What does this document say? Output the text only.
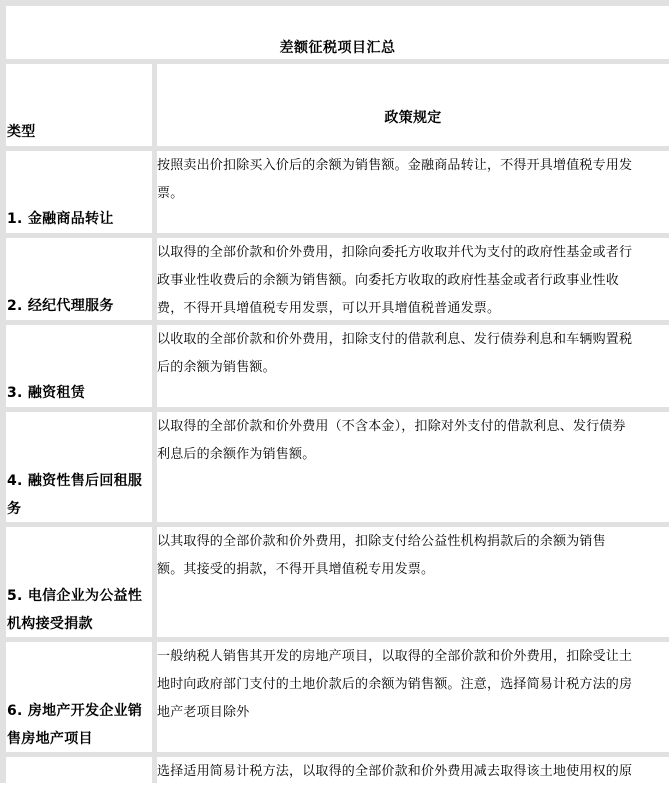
差额征税项目汇总
类型
政策规定
1. 金融商品转让
按照卖出价扣除买入价后的余额为销售额。金融商品转让，不得开具增值税专用发
票。
2. 经纪代理服务
以取得的全部价款和价外费用，扣除向委托方收取并代为支付的政府性基金或者行
政事业性收费后的余额为销售额。向委托方收取的政府性基金或者行政事业性收
费，不得开具增值税专用发票，可以开具增值税普通发票。
3. 融资租赁
以收取的全部价款和价外费用，扣除支付的借款利息、发行债券利息和车辆购置税
后的余额为销售额。
4. 融资性售后回租服
务
以取得的全部价款和价外费用（不含本金），扣除对外支付的借款利息、发行债券
利息后的余额作为销售额。
5. 电信企业为公益性
机构接受捐款
以其取得的全部价款和价外费用，扣除支付给公益性机构捐款后的余额为销售
额。其接受的捐款，不得开具增值税专用发票。
6. 房地产开发企业销
售房地产项目
一般纳税人销售其开发的房地产项目，以取得的全部价款和价外费用，扣除受让土
地时向政府部门支付的土地价款后的余额为销售额。注意，选择简易计税方法的房
地产老项目除外
选择适用简易计税方法，以取得的全部价款和价外费用减去取得该土地使用权的原
